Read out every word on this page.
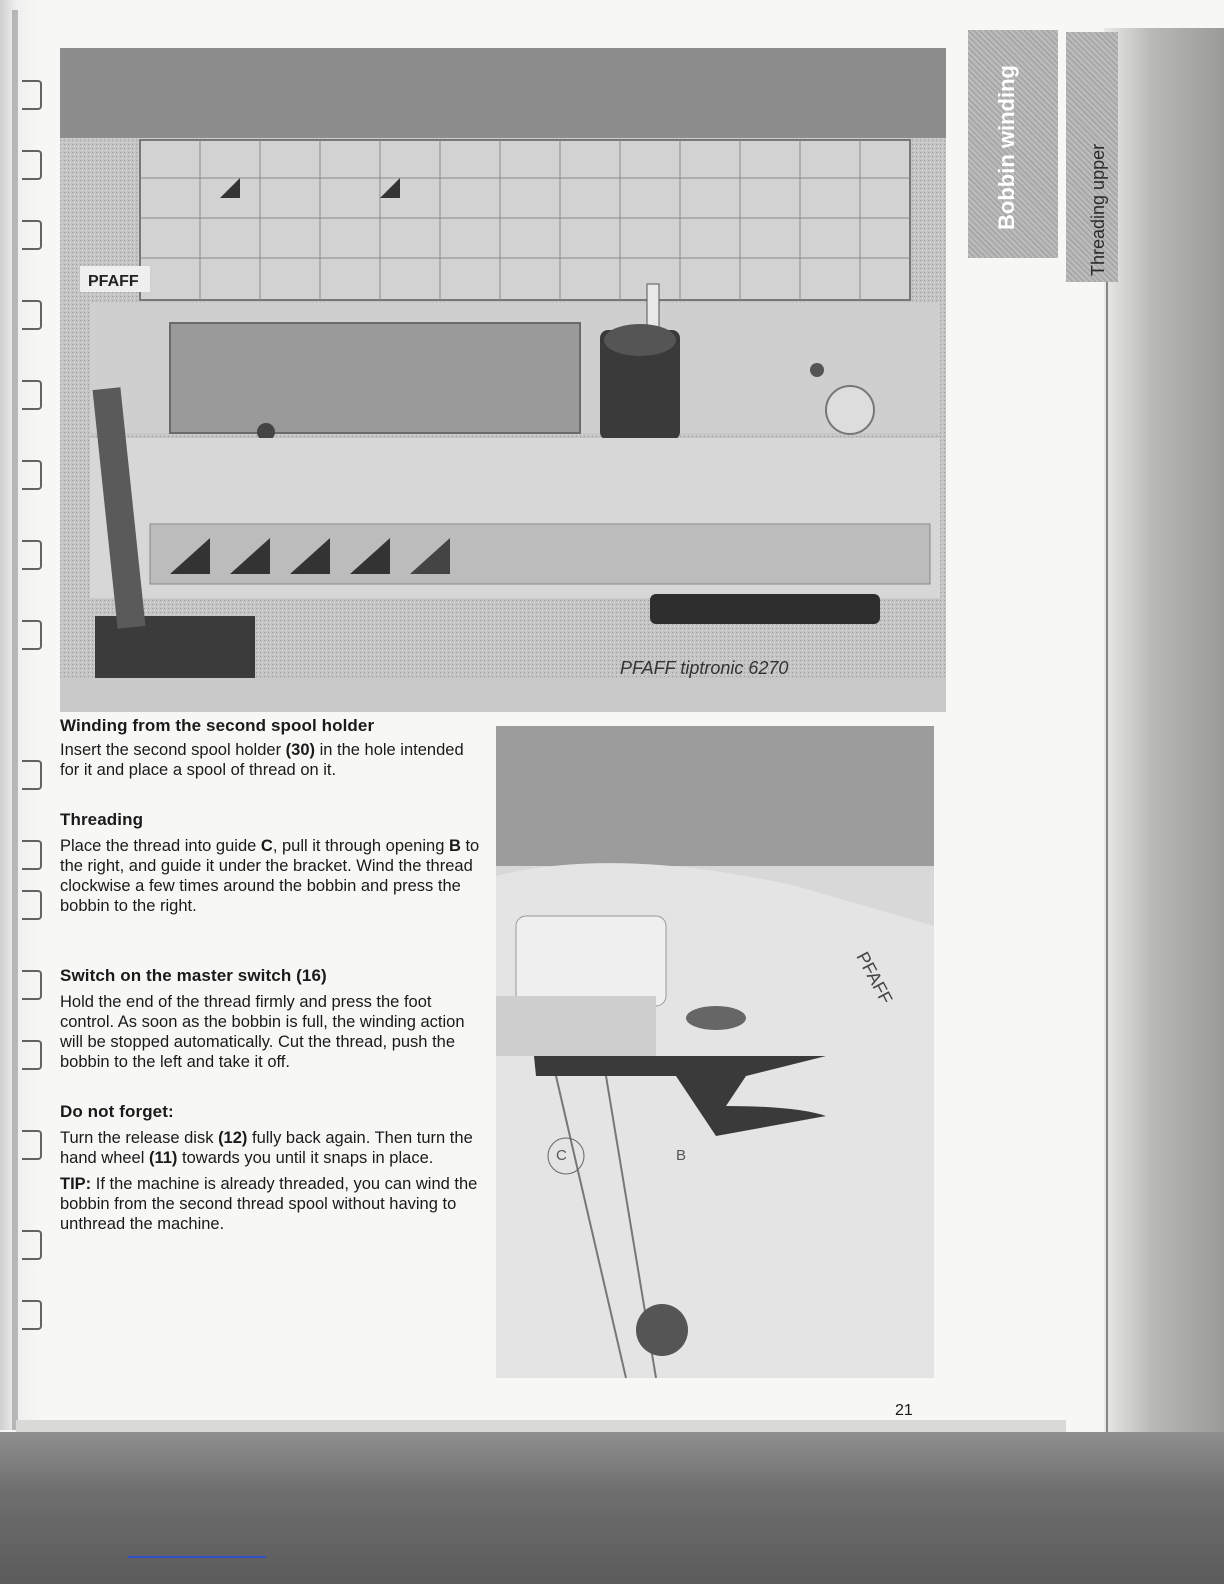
Threading upper
Bobbin winding
PFAFF
PFAFF tiptronic 6270
C	B
PFAFF
Winding from the second spool holder

Insert the second spool holder (30) in the hole intended for it and place a spool of thread on it.

Threading

Place the thread into guide C, pull it through opening B to the right, and guide it under the bracket. Wind the thread clockwise a few times around the bobbin and press the bobbin to the right.

Switch on the master switch (16)

Hold the end of the thread firmly and press the foot control. As soon as the bobbin is full, the winding action will be stopped automatically. Cut the thread, push the bobbin to the left and take it off.

Do not forget:

Turn the release disk (12) fully back again. Then turn the hand wheel (11) towards you until it snaps in place.

TIP: If the machine is already threaded, you can wind the bobbin from the second thread spool without having to unthread the machine.

21
